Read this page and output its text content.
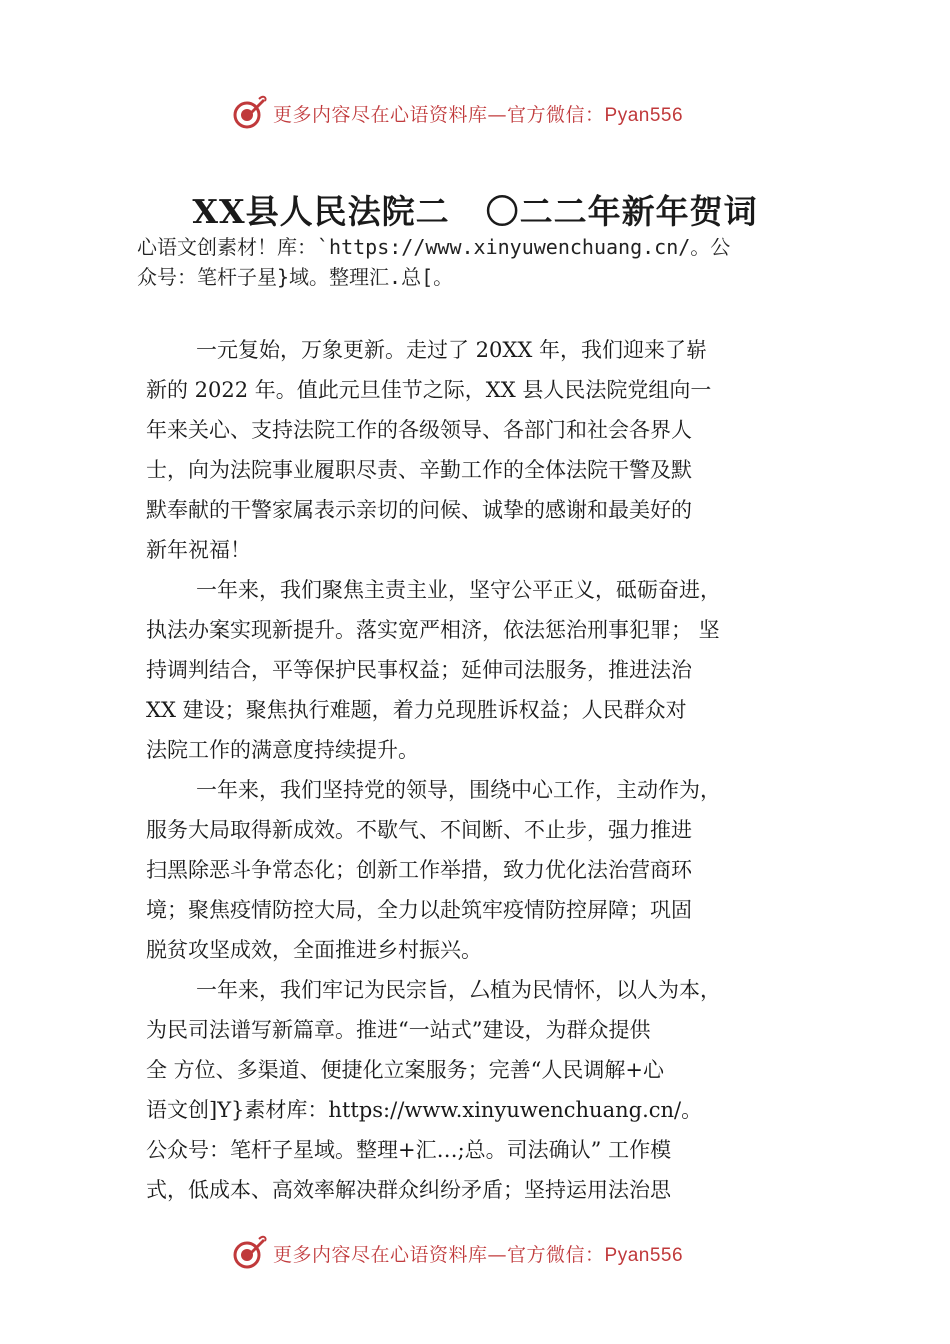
更多内容尽在心语资料库—官方微信：Pyan556
XX县人民法院二 〇二二年新年贺词
心语文创素材！库：`https://www.xinyuwenchuang.cn/。公
众号：笔杆子星}域。整理汇.总[。
一元复始，万象更新。走过了 20XX 年，我们迎来了崭
新的 2022 年。值此元旦佳节之际，XX 县人民法院党组向一
年来关心、支持法院工作的各级领导、各部门和社会各界人
士，向为法院事业履职尽责、辛勤工作的全体法院干警及默
默奉献的干警家属表示亲切的问候、诚挚的感谢和最美好的
新年祝福！
一年来，我们聚焦主责主业，坚守公平正义，砥砺奋进，
执法办案实现新提升。落实宽严相济，依法惩治刑事犯罪； 坚
持调判结合，平等保护民事权益；延伸司法服务，推进法治
XX 建设；聚焦执行难题，着力兑现胜诉权益；人民群众对
法院工作的满意度持续提升。
一年来，我们坚持党的领导，围绕中心工作，主动作为，
服务大局取得新成效。不歇气、不间断、不止步，强力推进
扫黑除恶斗争常态化；创新工作举措，致力优化法治营商环
境；聚焦疫情防控大局，全力以赴筑牢疫情防控屏障；巩固
脱贫攻坚成效，全面推进乡村振兴。
一年来，我们牢记为民宗旨，厶植为民情怀，以人为本，
为民司法谱写新篇章。推进“一站式”建设，为群众提供
全 方位、多渠道、便捷化立案服务；完善“人民调解+心
语文创]Y}素材库：https://www.xinyuwenchuang.cn/。
公众号：笔杆子星域。整理+汇…;总。司法确认” 工作模
式，低成本、高效率解决群众纠纷矛盾；坚持运用法治思
更多内容尽在心语资料库—官方微信：Pyan556
